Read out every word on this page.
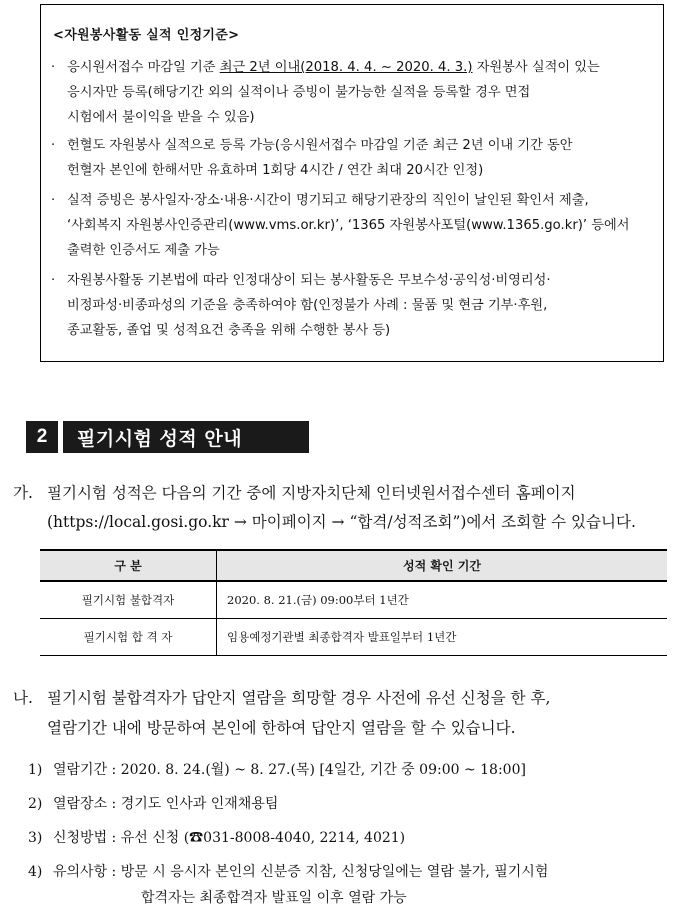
<자원봉사활동 실적 인정기준>
· 응시원서접수 마감일 기준 최근 2년 이내(2018. 4. 4. ~ 2020. 4. 3.) 자원봉사 실적이 있는
응시자만 등록(해당기간 외의 실적이나 증빙이 불가능한 실적을 등록할 경우 면접
시험에서 불이익을 받을 수 있음)
· 헌혈도 자원봉사 실적으로 등록 가능(응시원서접수 마감일 기준 최근 2년 이내 기간 동안
헌혈자 본인에 한해서만 유효하며 1회당 4시간 / 연간 최대 20시간 인정)
· 실적 증빙은 봉사일자·장소·내용·시간이 명기되고 해당기관장의 직인이 날인된 확인서 제출,
‘사회복지 자원봉사인증관리(www.vms.or.kr)’, ‘1365 자원봉사포털(www.1365.go.kr)’ 등에서
출력한 인증서도 제출 가능
· 자원봉사활동 기본법에 따라 인정대상이 되는 봉사활동은 무보수성·공익성·비영리성·
비정파성·비종파성의 기준을 충족하여야 함(인정불가 사례 : 물품 및 현금 기부·후원,
종교활동, 졸업 및 성적요건 충족을 위해 수행한 봉사 등)
2	필기시험 성적 안내
가. 필기시험 성적은 다음의 기간 중에 지방자치단체 인터넷원서접수센터 홈페이지
(https://local.gosi.go.kr → 마이페이지 → “합격/성적조회”)에서 조회할 수 있습니다.
구 분	성적 확인 기간
필기시험 불합격자	2020. 8. 21.(금) 09:00부터 1년간
필기시험 합 격 자	임용예정기관별 최종합격자 발표일부터 1년간
나. 필기시험 불합격자가 답안지 열람을 희망할 경우 사전에 유선 신청을 한 후,
열람기간 내에 방문하여 본인에 한하여 답안지 열람을 할 수 있습니다.
1) 열람기간 : 2020. 8. 24.(월) ~ 8. 27.(목) [4일간, 기간 중 09:00 ~ 18:00]
2) 열람장소 : 경기도 인사과 인재채용팀
3) 신청방법 : 유선 신청 (☎031-8008-4040, 2214, 4021)
4) 유의사항 : 방문 시 응시자 본인의 신분증 지참, 신청당일에는 열람 불가, 필기시험
합격자는 최종합격자 발표일 이후 열람 가능
